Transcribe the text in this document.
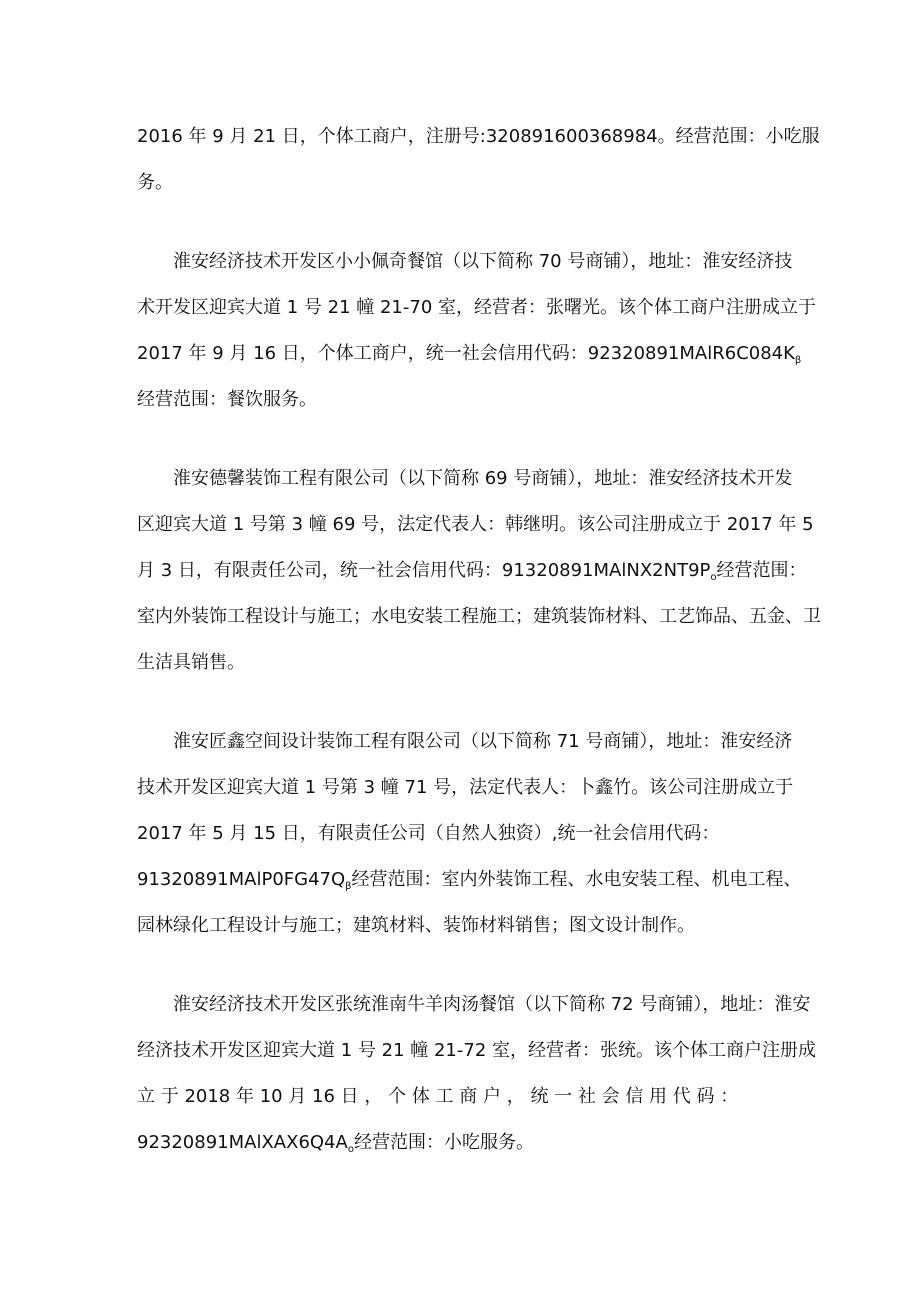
2016 年 9 月 21 日，个体工商户，注册号:320891600368984。经营范围：小吃服
务。
淮安经济技术开发区小小佩奇餐馆（以下简称 70 号商铺），地址：淮安经济技
术开发区迎宾大道 1 号 21 幢 21-70 室，经营者：张曙光。该个体工商户注册成立于
2017 年 9 月 16 日，个体工商户，统一社会信用代码：$92320891MAlR6C084K_\beta$
经营范围：餐饮服务。
淮安德馨装饰工程有限公司（以下简称 69 号商铺），地址：淮安经济技术开发
区迎宾大道 1 号第 3 幢 69 号，法定代表人：韩继明。该公司注册成立于 2017 年 5
月 3 日，有限责任公司，统一社会信用代码：$91320891MAlNX2NT9P_o$经营范围：
室内外装饰工程设计与施工；水电安装工程施工；建筑装饰材料、工艺饰品、五金、卫
生洁具销售。
淮安匠鑫空间设计装饰工程有限公司（以下简称 71 号商铺），地址：淮安经济
技术开发区迎宾大道 1 号第 3 幢 71 号，法定代表人：卜鑫竹。该公司注册成立于
2017 年 5 月 15 日，有限责任公司（自然人独资）,统一社会信用代码：
$91320891MAlP0FG47Q_\beta$经营范围：室内外装饰工程、水电安装工程、机电工程、
园林绿化工程设计与施工；建筑材料、装饰材料销售；图文设计制作。
淮安经济技术开发区张统淮南牛羊肉汤餐馆（以下简称 72 号商铺），地址：淮安
经济技术开发区迎宾大道 1 号 21 幢 21-72 室，经营者：张统。该个体工商户注册成
立 于 2018 年 10 月 16 日 ， 个 体 工 商 户 ， 统 一 社 会 信 用 代 码 ：
$92320891MAlXAX6Q4A_o$经营范围：小吃服务。
